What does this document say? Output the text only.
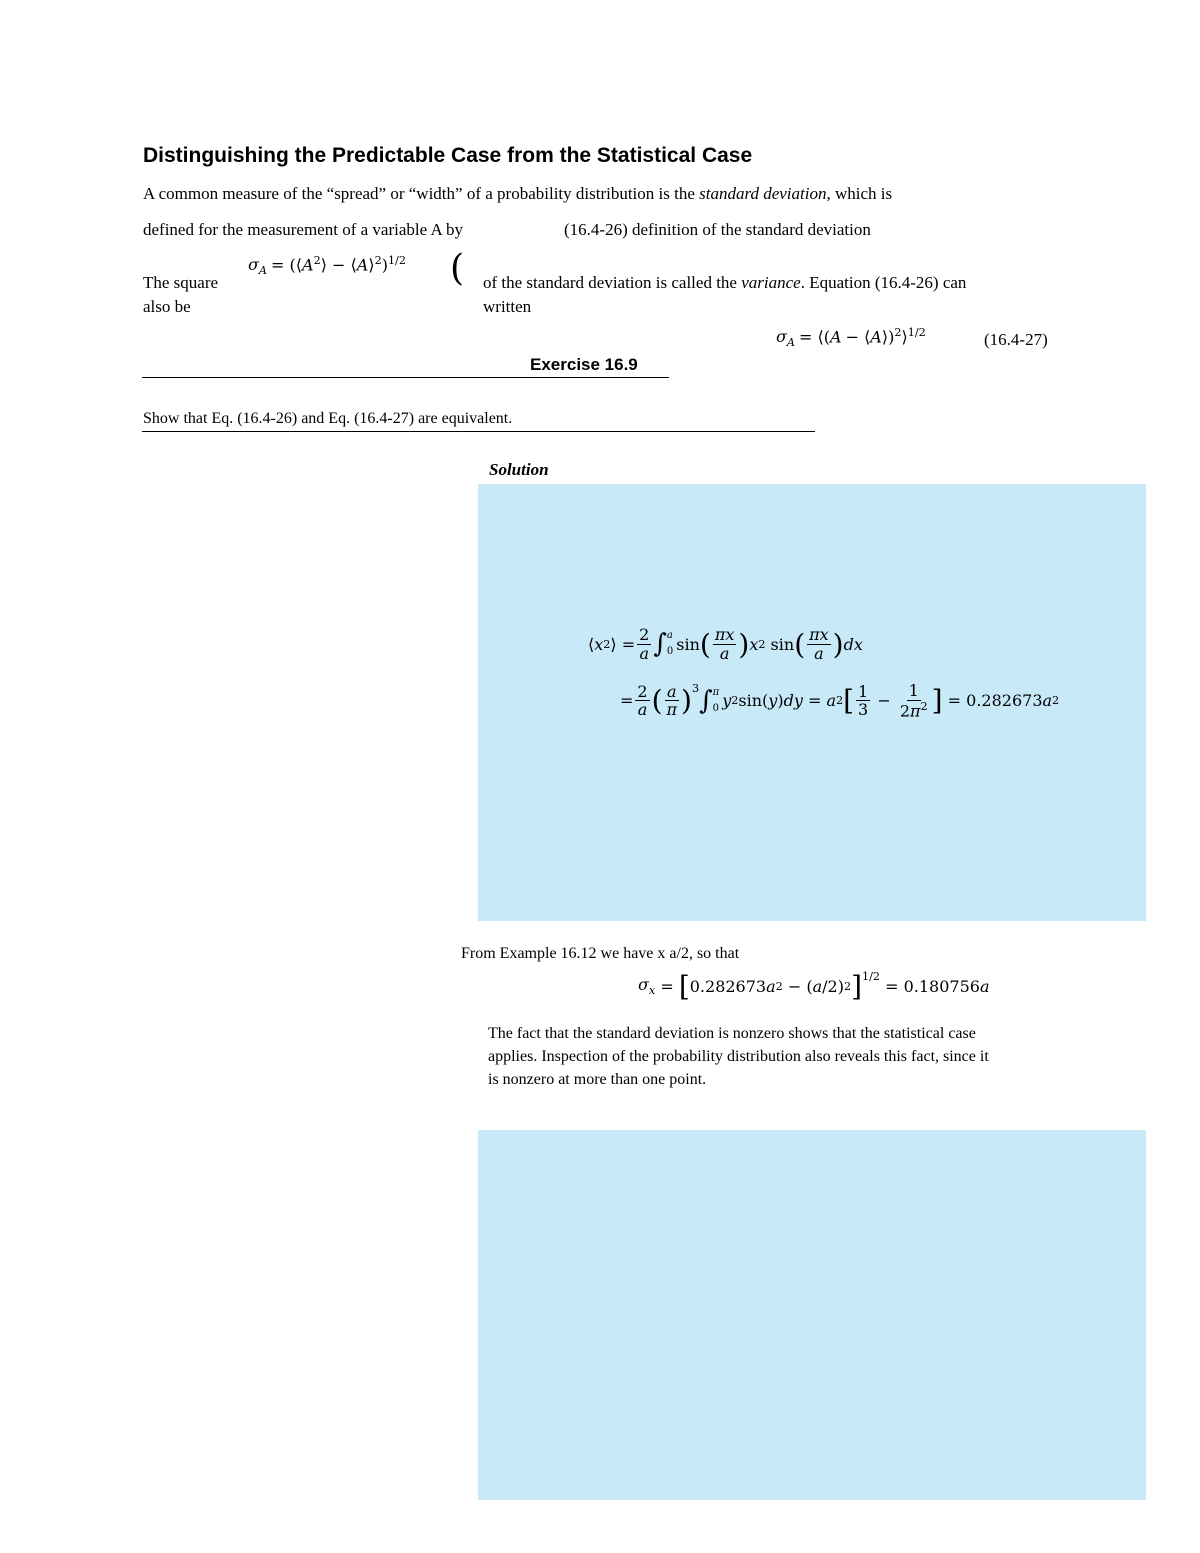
Distinguishing the Predictable Case from the Statistical Case
A common measure of the “spread” or “width” of a probability distribution is the standard deviation, which is
defined for the measurement of a variable A by	(16.4-26) definition of the standard deviation
The square
also be
$\sigma_A$ = ($⟨A^2⟩$ − ⟨A⟩$^2$)$^{1/2}$ ( of the standard deviation is called the variance. Equation (16.4-26) can
written
$\sigma_A$ = ⟨(A − ⟨A⟩)$^2$⟩$^{1/2}$	(16.4-27)
Exercise 16.9
Show that Eq. (16.4-26) and Eq. (16.4-27) are equivalent.
Solution
⟨ x 2 ⟩ = $\frac{2}{a}$ ∫ a
0 sin ( $\frac{\pi x}{a}$ ) x 2 sin ( $\frac{\pi x}{a}$ ) dx
= $\frac{2}{a}$ ( $\frac{a}{\pi} )^3$ ∫ π
0 y 2 sin( y ) dy = a 2 [ $\frac{1}{3} - \frac{1}{2\pi^2}$ ] = 0.282673 a 2
From Example 16.12 we have x a/2, so that
$\sigma_x$ = [ 0.282673 a 2 − ( a /2) 2 ]$^{1/2}$
= 0.180756 a
The fact that the standard deviation is nonzero shows that the statistical case
applies. Inspection of the probability distribution also reveals this fact, since it
is nonzero at more than one point.
